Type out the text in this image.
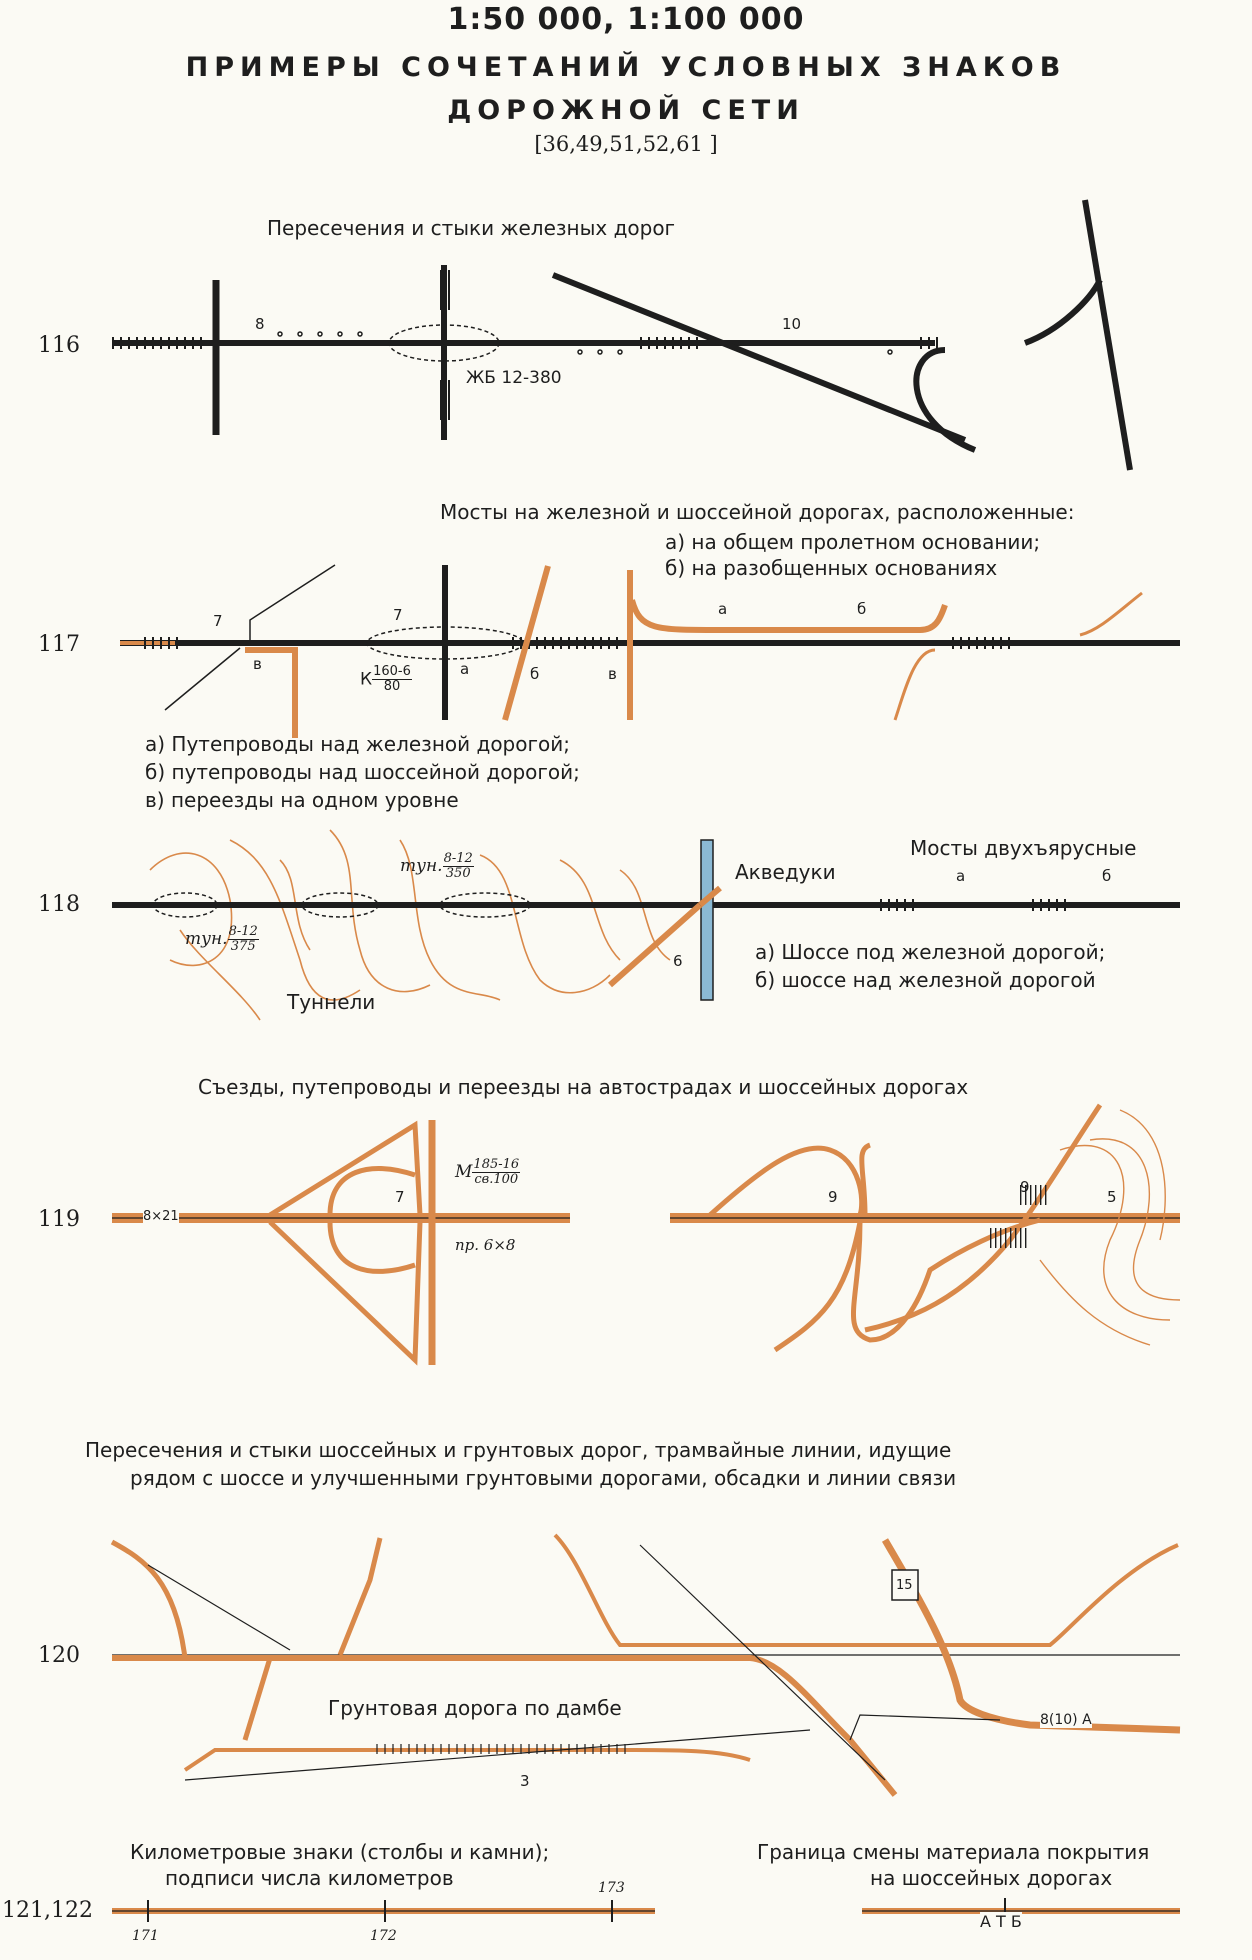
1:50 000, 1:100 000
ПРИМЕРЫ СОЧЕТАНИЙ УСЛОВНЫХ ЗНАКОВ
ДОРОЖНОЙ СЕТИ
[36,49,51,52,61 ]
116
Пересечения и стыки железных дорог
8	10
ЖБ 12-380
Мосты на железной и шоссейной дорогах, расположенные:
а) на общем пролетном основании;
б) на разобщенных основаниях
117
7	7
в	а	б	в
а	б
К $\frac{160-6}{80}$
а) Путепроводы над железной дорогой;
б) путепроводы над шоссейной дорогой;
в) переезды на одном уровне
118
тун. $\frac{8-12}{350}$
тун. $\frac{8-12}{375}$
Туннели
Акведуки
6
Мосты двухъярусные
а	б
а) Шоссе под железной дорогой;
б) шоссе над железной дорогой
Съезды, путепроводы и переезды на автострадах и шоссейных дорогах
119	8×21
7
М $\frac{185-16}{св.100}$
пр. 6×8
9
9
5
Пересечения и стыки шоссейных и грунтовых дорог, трамвайные линии, идущие
рядом с шоссе и улучшенными грунтовыми дорогами, обсадки и линии связи
120
15
8(10) А
Грунтовая дорога по дамбе
3
121,122
Километровые знаки (столбы и камни);
подписи числа километров
Граница смены материала покрытия
на шоссейных дорогах
171	172
173
А Т Б
